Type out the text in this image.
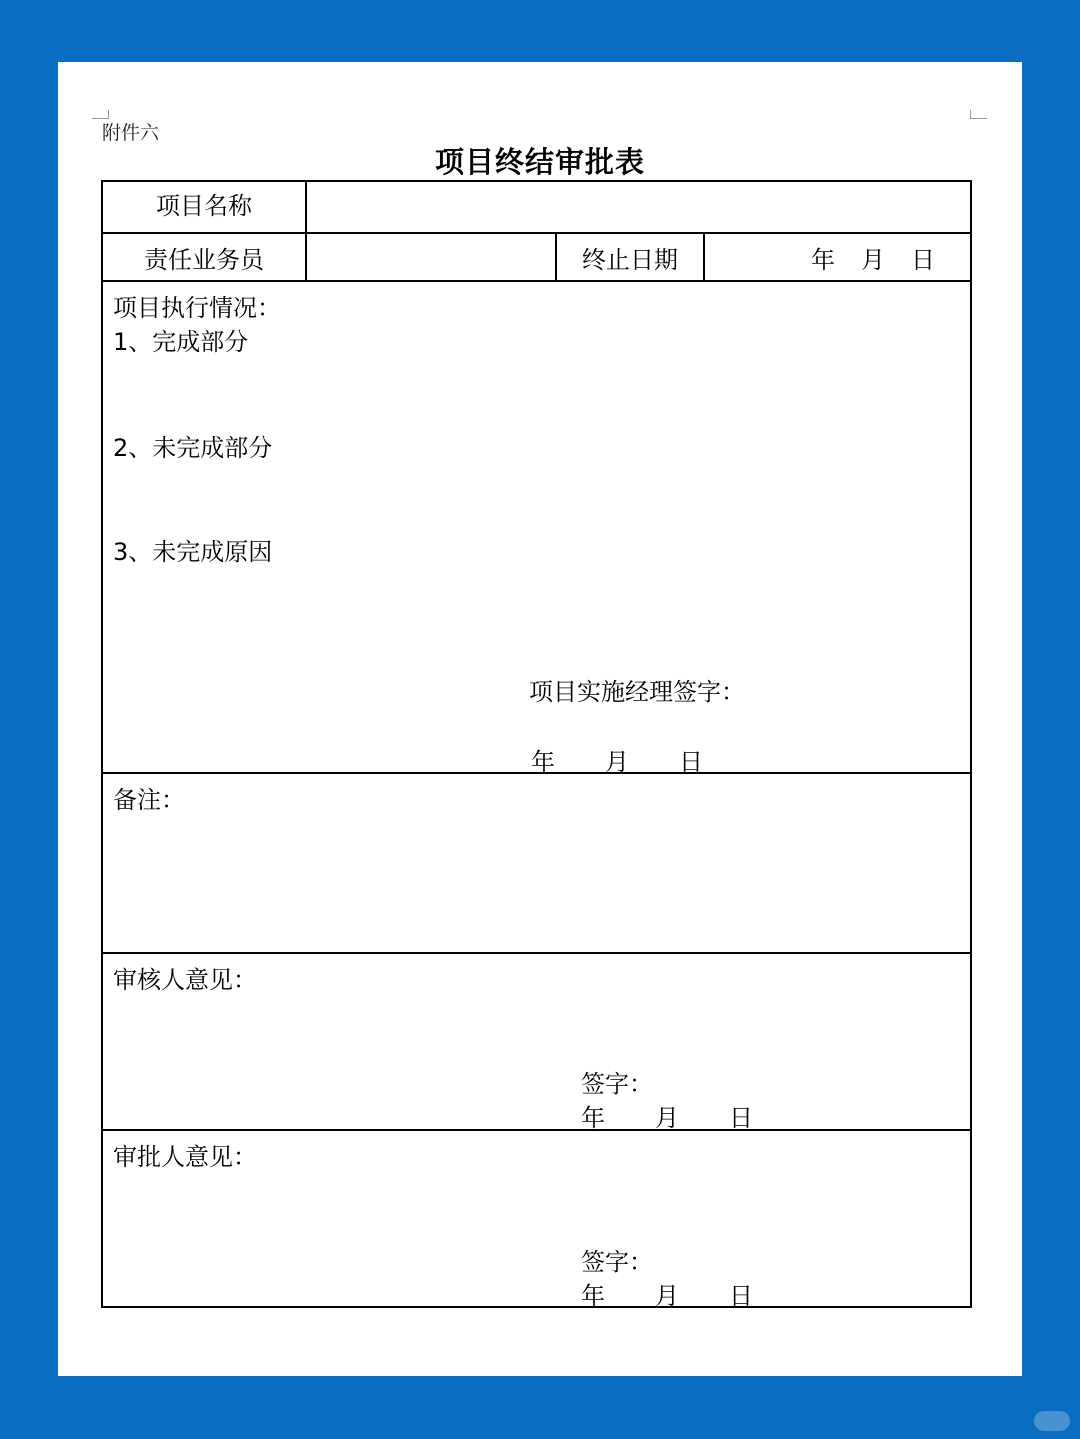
附件六
项目终结审批表
项目名称
责任业务员	终止日期	年 月 日
项目执行情况：
1、完成部分
2、未完成部分
3、未完成原因
项目实施经理签字：
年 月 日
备注：
审核人意见：
签字：
年 月 日
审批人意见：
签字：
年 月 日
